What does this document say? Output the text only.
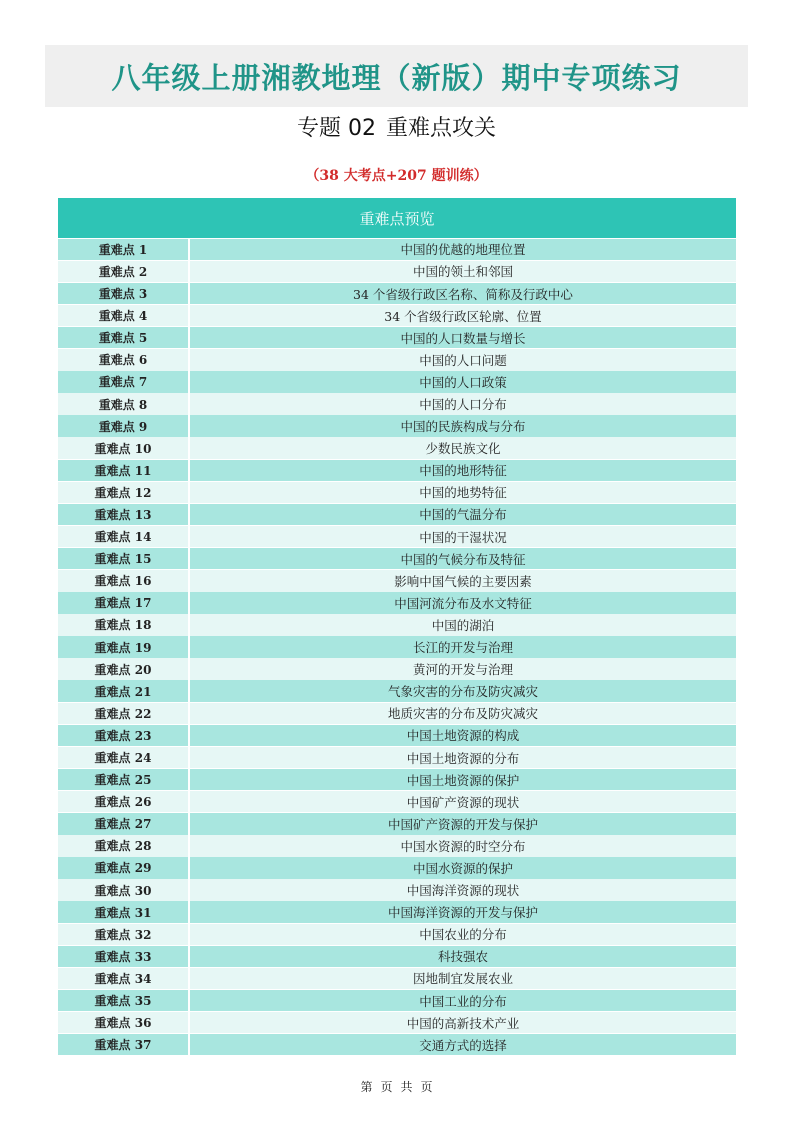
八年级上册湘教地理（新版）期中专项练习
专题 02 重难点攻关
（38 大考点+207 题训练）
重难点预览
重难点 1	中国的优越的地理位置
重难点 2	中国的领土和邻国
重难点 3	34 个省级行政区名称、简称及行政中心
重难点 4	34 个省级行政区轮廓、位置
重难点 5	中国的人口数量与增长
重难点 6	中国的人口问题
重难点 7	中国的人口政策
重难点 8	中国的人口分布
重难点 9	中国的民族构成与分布
重难点 10	少数民族文化
重难点 11	中国的地形特征
重难点 12	中国的地势特征
重难点 13	中国的气温分布
重难点 14	中国的干湿状况
重难点 15	中国的气候分布及特征
重难点 16	影响中国气候的主要因素
重难点 17	中国河流分布及水文特征
重难点 18	中国的湖泊
重难点 19	长江的开发与治理
重难点 20	黄河的开发与治理
重难点 21	气象灾害的分布及防灾减灾
重难点 22	地质灾害的分布及防灾减灾
重难点 23	中国土地资源的构成
重难点 24	中国土地资源的分布
重难点 25	中国土地资源的保护
重难点 26	中国矿产资源的现状
重难点 27	中国矿产资源的开发与保护
重难点 28	中国水资源的时空分布
重难点 29	中国水资源的保护
重难点 30	中国海洋资源的现状
重难点 31	中国海洋资源的开发与保护
重难点 32	中国农业的分布
重难点 33	科技强农
重难点 34	因地制宜发展农业
重难点 35	中国工业的分布
重难点 36	中国的高新技术产业
重难点 37	交通方式的选择
第 页 共 页
